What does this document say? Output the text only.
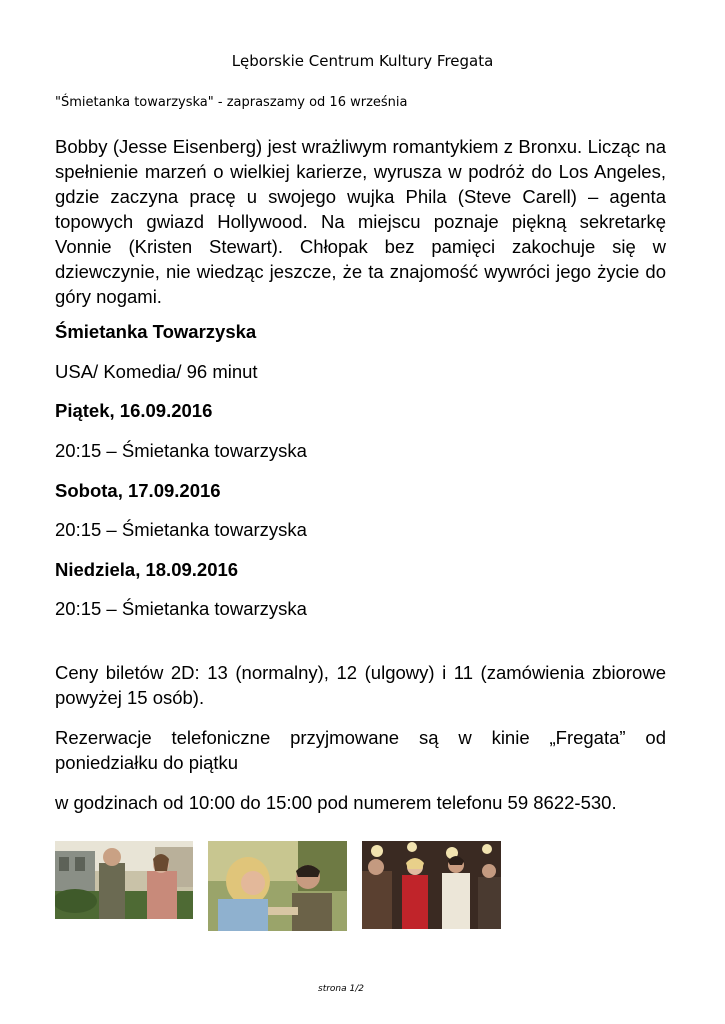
Lęborskie Centrum Kultury Fregata
"Śmietanka towarzyska" - zapraszamy od 16 września
Bobby (Jesse Eisenberg) jest wrażliwym romantykiem z Bronxu. Licząc na spełnienie marzeń o wielkiej karierze, wyrusza w podróż do Los Angeles, gdzie zaczyna pracę u swojego wujka Phila (Steve Carell) – agenta topowych gwiazd Hollywood. Na miejscu poznaje piękną sekretarkę Vonnie (Kristen Stewart). Chłopak bez pamięci zakochuje się w dziewczynie, nie wiedząc jeszcze, że ta znajomość wywróci jego życie do góry nogami.
Śmietanka Towarzyska
USA/ Komedia/ 96 minut
Piątek, 16.09.2016
20:15 – Śmietanka towarzyska
Sobota, 17.09.2016
20:15 – Śmietanka towarzyska
Niedziela, 18.09.2016
20:15 – Śmietanka towarzyska
Ceny biletów 2D: 13 (normalny), 12 (ulgowy) i 11 (zamówienia zbiorowe powyżej 15 osób).
Rezerwacje telefoniczne przyjmowane są w kinie „Fregata” od poniedziałku do piątku
w godzinach od 10:00 do 15:00 pod numerem telefonu 59 8622-530.
strona 1/2
